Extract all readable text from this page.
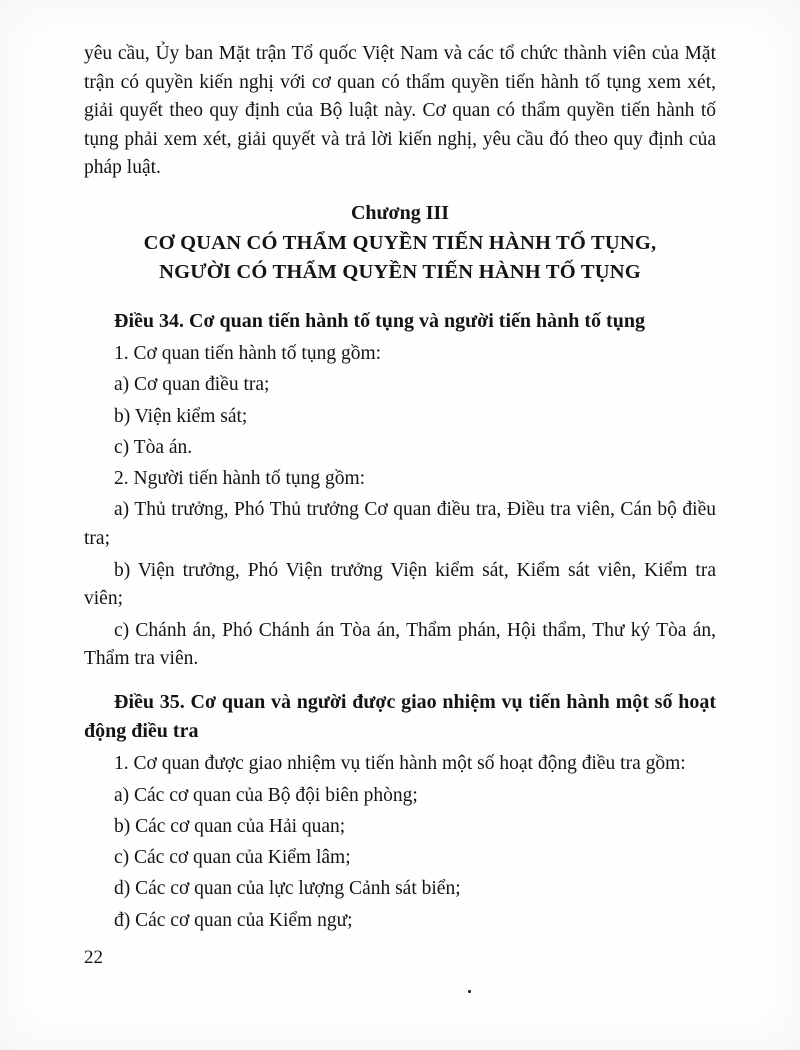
yêu cầu, Ủy ban Mặt trận Tổ quốc Việt Nam và các tổ chức thành viên của Mặt trận có quyền kiến nghị với cơ quan có thẩm quyền tiến hành tố tụng xem xét, giải quyết theo quy định của Bộ luật này. Cơ quan có thẩm quyền tiến hành tố tụng phải xem xét, giải quyết và trả lời kiến nghị, yêu cầu đó theo quy định của pháp luật.

Chương III

CƠ QUAN CÓ THẨM QUYỀN TIẾN HÀNH TỐ TỤNG,

NGƯỜI CÓ THẨM QUYỀN TIẾN HÀNH TỐ TỤNG

Điều 34. Cơ quan tiến hành tố tụng và người tiến hành tố tụng

1. Cơ quan tiến hành tố tụng gồm:

a) Cơ quan điều tra;

b) Viện kiểm sát;

c) Tòa án.

2. Người tiến hành tố tụng gồm:

a) Thủ trưởng, Phó Thủ trưởng Cơ quan điều tra, Điều tra viên, Cán bộ điều tra;

b) Viện trưởng, Phó Viện trưởng Viện kiểm sát, Kiểm sát viên, Kiểm tra viên;

c) Chánh án, Phó Chánh án Tòa án, Thẩm phán, Hội thẩm, Thư ký Tòa án, Thẩm tra viên.

Điều 35. Cơ quan và người được giao nhiệm vụ tiến hành một số hoạt động điều tra

1. Cơ quan được giao nhiệm vụ tiến hành một số hoạt động điều tra gồm:

a) Các cơ quan của Bộ đội biên phòng;

b) Các cơ quan của Hải quan;

c) Các cơ quan của Kiểm lâm;

d) Các cơ quan của lực lượng Cảnh sát biển;

đ) Các cơ quan của Kiểm ngư;

22
